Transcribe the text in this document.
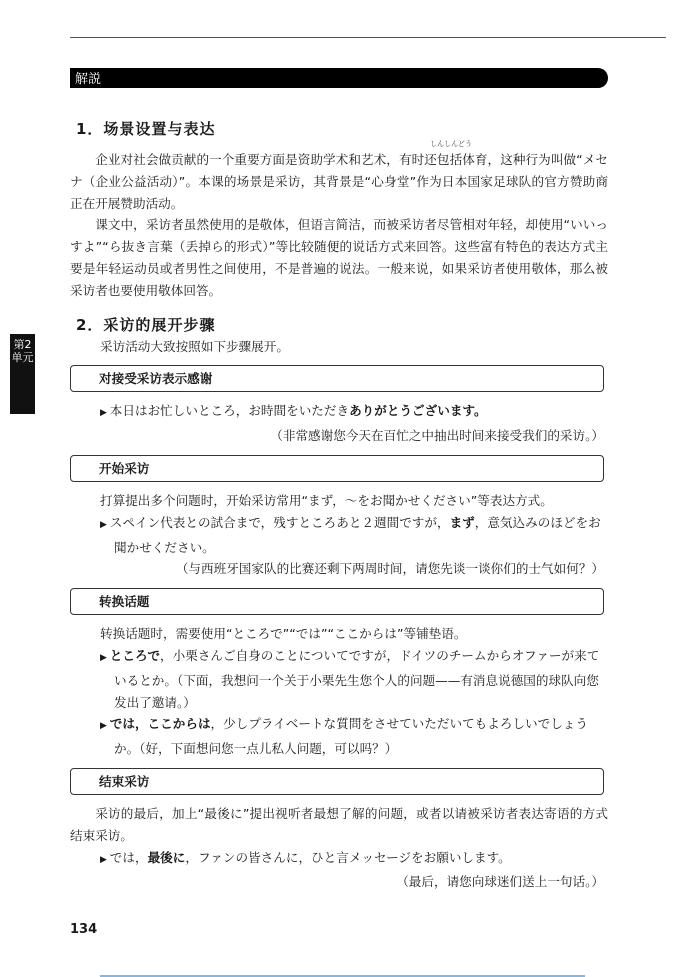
解説
第2单元
1．场景设置与表达
しんしんどう
企业对社会做贡献的一个重要方面是资助学术和艺术，有时还包括体育，这种行为叫做“メセナ（企业公益活动）”。本课的场景是采访，其背景是“心身堂”作为日本国家足球队的官方赞助商正在开展赞助活动。
课文中，采访者虽然使用的是敬体，但语言简洁，而被采访者尽管相对年轻，却使用“いいっすよ”“ら抜き言葉（丢掉ら的形式）”等比较随便的说话方式来回答。这些富有特色的表达方式主要是年轻运动员或者男性之间使用，不是普遍的说法。一般来说，如果采访者使用敬体，那么被采访者也要使用敬体回答。
2．采访的展开步骤
采访活动大致按照如下步骤展开。
对接受采访表示感谢
▶ 本日はお忙しいところ，お時間をいただきありがとうございます。
（非常感谢您今天在百忙之中抽出时间来接受我们的采访。）
开始采访
打算提出多个问题时，开始采访常用“まず，～をお聞かせください”等表达方式。
▶ スペイン代表との試合まで，残すところあと２週間ですが，まず，意気込みのほどをお聞かせください。
（与西班牙国家队的比赛还剩下两周时间，请您先谈一谈你们的士气如何？）
转换话题
转换话题时，需要使用“ところで”“では”“ここからは”等铺垫语。
▶ ところで，小栗さんご自身のことについてですが，ドイツのチームからオファーが来ているとか。（下面，我想问一个关于小栗先生您个人的问题——有消息说德国的球队向您发出了邀请。）
▶ では，ここからは，少しプライベートな質問をさせていただいてもよろしいでしょうか。（好，下面想问您一点儿私人问题，可以吗？）
结束采访
采访的最后，加上“最後に”提出视听者最想了解的问题，或者以请被采访者表达寄语的方式结束采访。
▶ では，最後に，ファンの皆さんに，ひと言メッセージをお願いします。
（最后，请您向球迷们送上一句话。）
134
